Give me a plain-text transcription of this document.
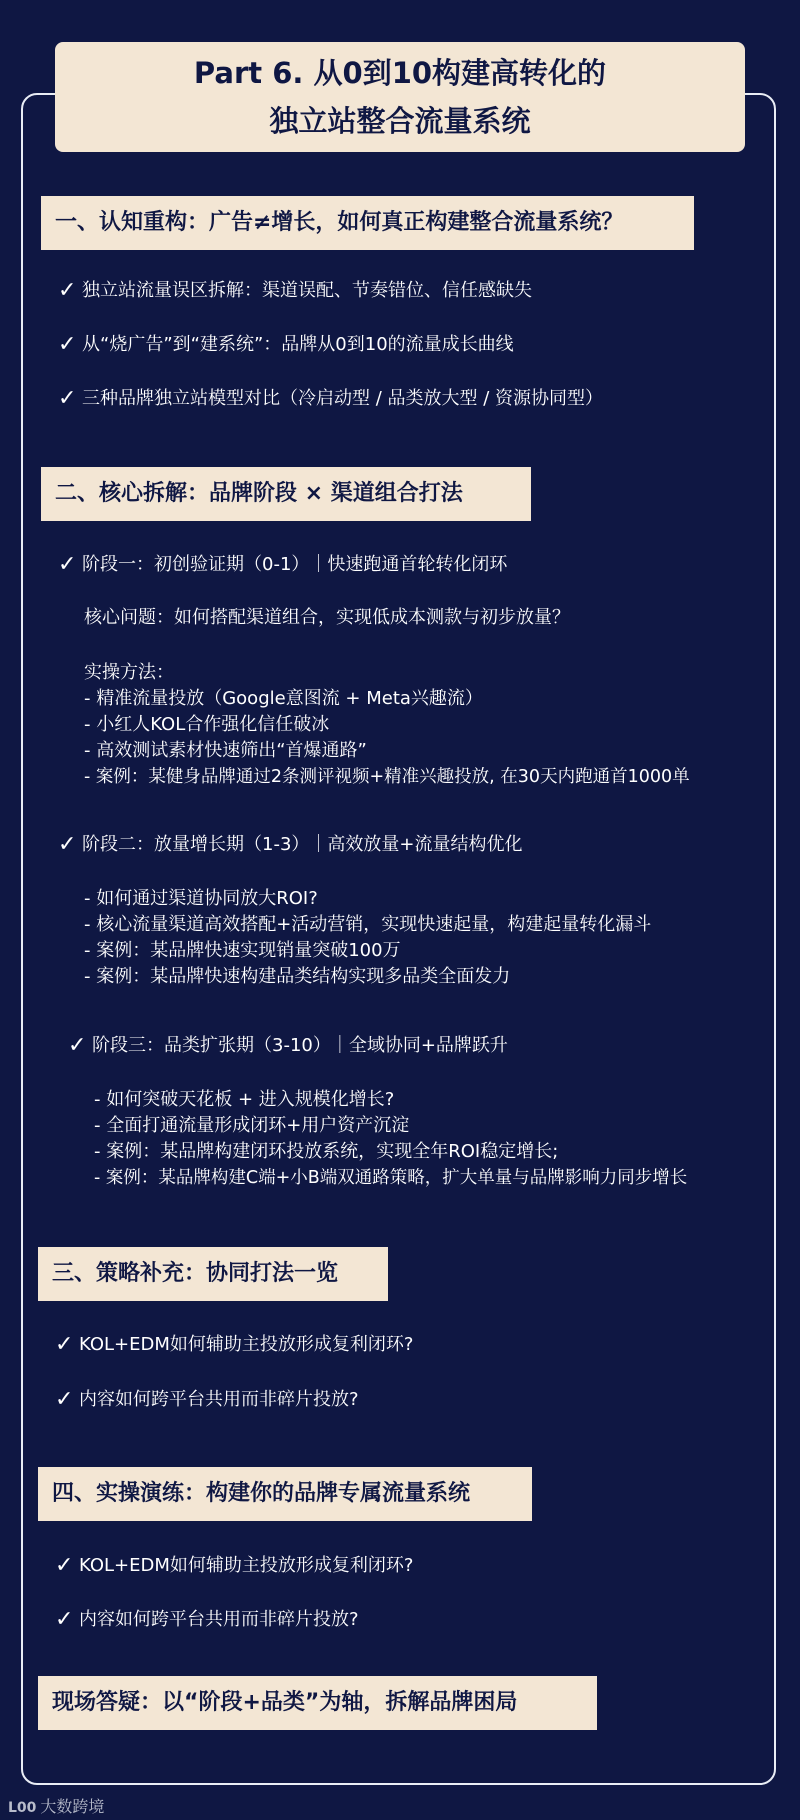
Part 6. 从0到10构建高转化的
独立站整合流量系统
一、认知重构：广告≠增长，如何真正构建整合流量系统？
✓ 独立站流量误区拆解：渠道误配、节奏错位、信任感缺失
✓ 从“烧广告”到“建系统”：品牌从0到10的流量成长曲线
✓ 三种品牌独立站模型对比（冷启动型 / 品类放大型 / 资源协同型）
二、核心拆解：品牌阶段 × 渠道组合打法
✓ 阶段一：初创验证期（0-1）｜快速跑通首轮转化闭环
核心问题：如何搭配渠道组合，实现低成本测款与初步放量？
实操方法：
- 精准流量投放（Google意图流 + Meta兴趣流）
- 小红人KOL合作强化信任破冰
- 高效测试素材快速筛出“首爆通路”
- 案例：某健身品牌通过2条测评视频+精准兴趣投放, 在30天内跑通首1000单
✓ 阶段二：放量增长期（1-3）｜高效放量+流量结构优化
- 如何通过渠道协同放大ROI?
- 核心流量渠道高效搭配+活动营销，实现快速起量，构建起量转化漏斗
- 案例：某品牌快速实现销量突破100万
- 案例：某品牌快速构建品类结构实现多品类全面发力
✓ 阶段三：品类扩张期（3-10）｜全域协同+品牌跃升
- 如何突破天花板 + 进入规模化增长?
- 全面打通流量形成闭环+用户资产沉淀
- 案例：某品牌构建闭环投放系统，实现全年ROI稳定增长;
- 案例：某品牌构建C端+小B端双通路策略，扩大单量与品牌影响力同步增长
三、策略补充：协同打法一览
✓ KOL+EDM如何辅助主投放形成复利闭环?
✓ 内容如何跨平台共用而非碎片投放?
四、实操演练：构建你的品牌专属流量系统
✓ KOL+EDM如何辅助主投放形成复利闭环?
✓ 内容如何跨平台共用而非碎片投放?
现场答疑：以“阶段+品类”为轴，拆解品牌困局
L00 大数跨境
